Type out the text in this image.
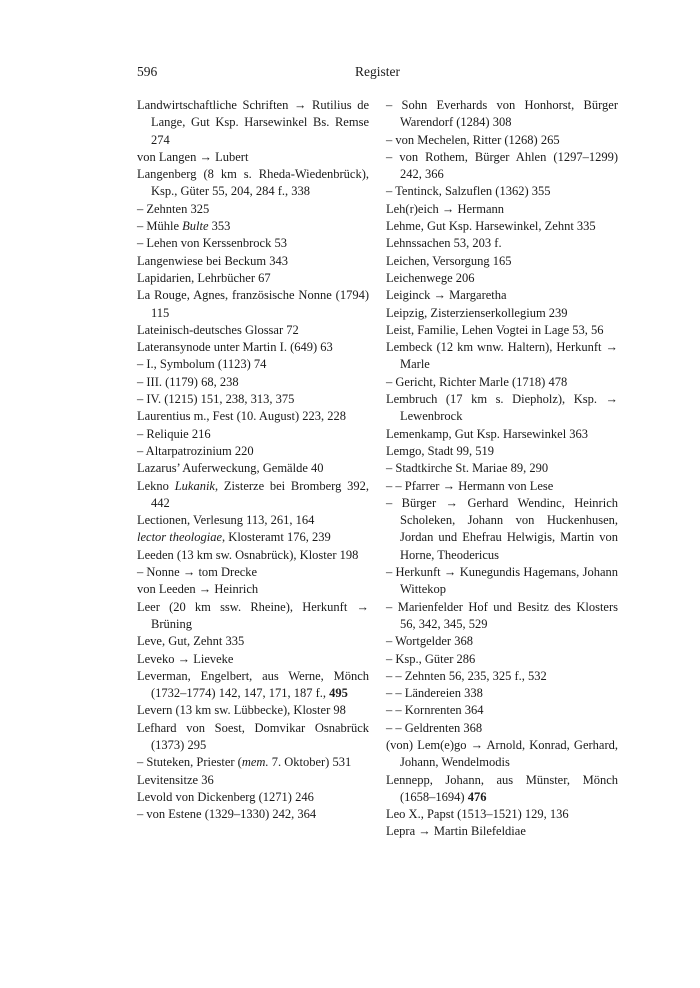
596	Register
Landwirtschaftliche Schriften → Rutilius de Lange, Gut Ksp. Harsewinkel Bs. Remse 274
von Langen → Lubert
Langenberg (8 km s. Rheda-Wiedenbrück), Ksp., Güter 55, 204, 284 f., 338
– Zehnten 325
– Mühle Bulte 353
– Lehen von Kerssenbrock 53
Langenwiese bei Beckum 343
Lapidarien, Lehrbücher 67
La Rouge, Agnes, französische Nonne (1794) 115
Lateinisch-deutsches Glossar 72
Lateransynode unter Martin I. (649) 63
– I., Symbolum (1123) 74
– III. (1179) 68, 238
– IV. (1215) 151, 238, 313, 375
Laurentius m., Fest (10. August) 223, 228
– Reliquie 216
– Altarpatrozinium 220
Lazarus’ Auferweckung, Gemälde 40
Lekno Lukanik, Zisterze bei Bromberg 392, 442
Lectionen, Verlesung 113, 261, 164
lector theologiae, Klosteramt 176, 239
Leeden (13 km sw. Osnabrück), Kloster 198
– Nonne → tom Drecke
von Leeden → Heinrich
Leer (20 km ssw. Rheine), Herkunft → Brüning
Leve, Gut, Zehnt 335
Leveko → Lieveke
Leverman, Engelbert, aus Werne, Mönch (1732–1774) 142, 147, 171, 187 f., 495
Levern (13 km sw. Lübbecke), Kloster 98
Lefhard von Soest, Domvikar Osnabrück (1373) 295
– Stuteken, Priester (mem. 7. Oktober) 531
Levitensitze 36
Levold von Dickenberg (1271) 246
– von Estene (1329–1330) 242, 364
– Sohn Everhards von Honhorst, Bürger Warendorf (1284) 308
– von Mechelen, Ritter (1268) 265
– von Rothem, Bürger Ahlen (1297–1299) 242, 366
– Tentinck, Salzuflen (1362) 355
Leh(r)eich → Hermann
Lehme, Gut Ksp. Harsewinkel, Zehnt 335
Lehnssachen 53, 203 f.
Leichen, Versorgung 165
Leichenwege 206
Leiginck → Margaretha
Leipzig, Zisterzienserkollegium 239
Leist, Familie, Lehen Vogtei in Lage 53, 56
Lembeck (12 km wnw. Haltern), Herkunft → Marle
– Gericht, Richter Marle (1718) 478
Lembruch (17 km s. Diepholz), Ksp. → Lewenbrock
Lemenkamp, Gut Ksp. Harsewinkel 363
Lemgo, Stadt 99, 519
– Stadtkirche St. Mariae 89, 290
– – Pfarrer → Hermann von Lese
– Bürger → Gerhard Wendinc, Heinrich Scholeken, Johann von Huckenhusen, Jordan und Ehefrau Helwigis, Martin von Horne, Theodericus
– Herkunft → Kunegundis Hagemans, Johann Wittekop
– Marienfelder Hof und Besitz des Klosters 56, 342, 345, 529
– Wortgelder 368
– Ksp., Güter 286
– – Zehnten 56, 235, 325 f., 532
– – Ländereien 338
– – Kornrenten 364
– – Geldrenten 368
(von) Lem(e)go → Arnold, Konrad, Gerhard, Johann, Wendelmodis
Lennepp, Johann, aus Münster, Mönch (1658–1694) 476
Leo X., Papst (1513–1521) 129, 136
Lepra → Martin Bilefeldiae
